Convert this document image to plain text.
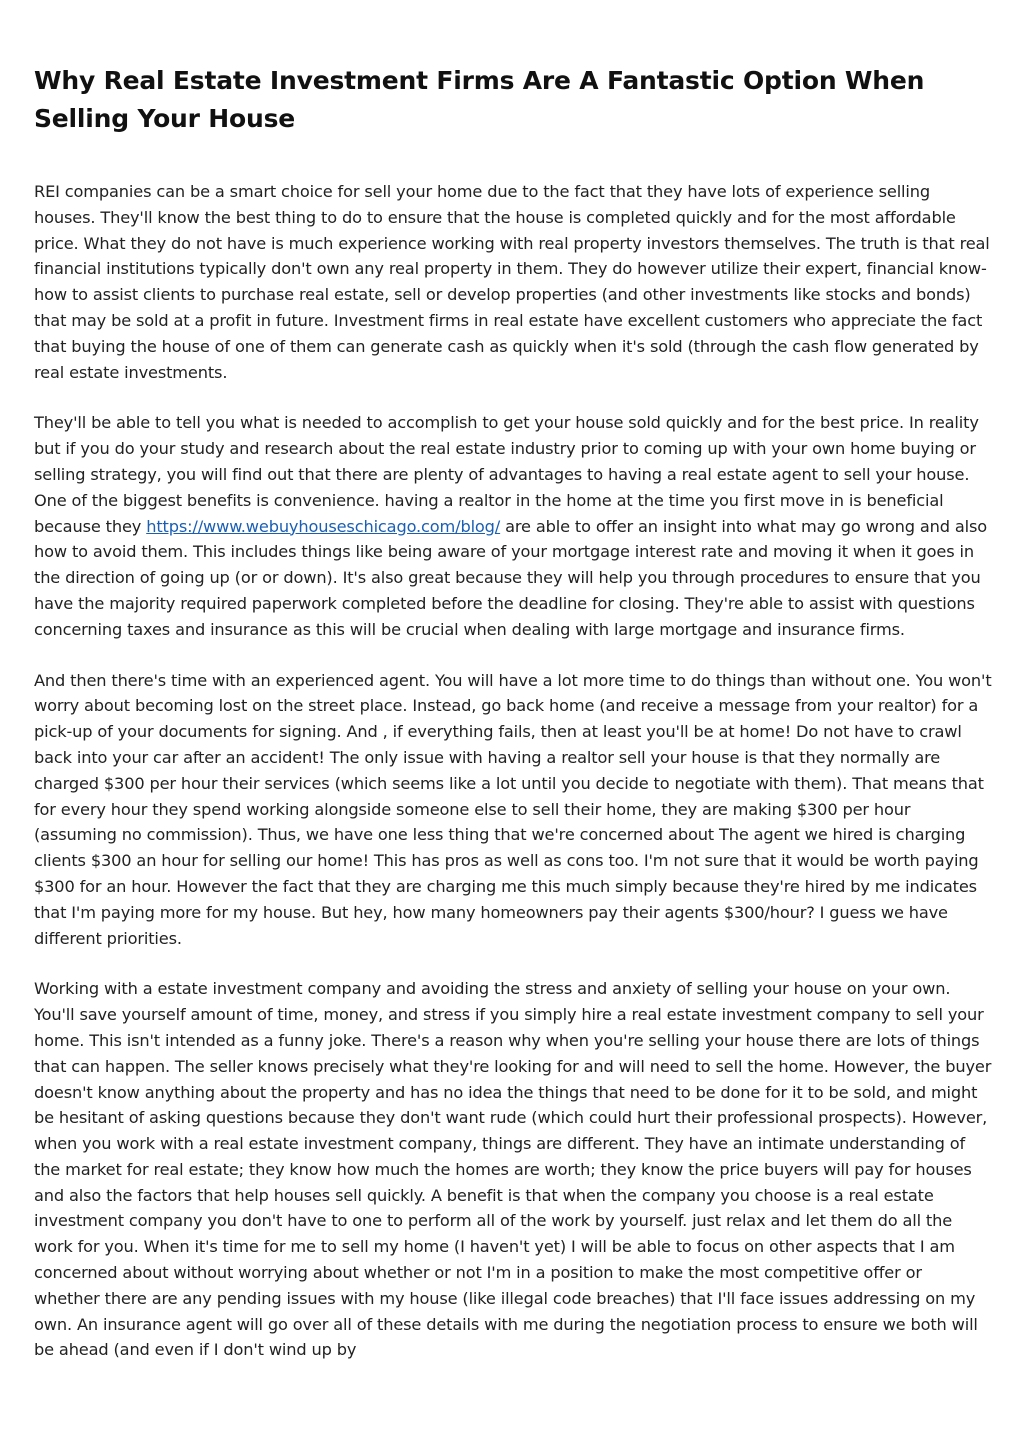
Why Real Estate Investment Firms Are A Fantastic Option When Selling Your House

REI companies can be a smart choice for sell your home due to the fact that they have lots of experience selling houses. They'll know the best thing to do to ensure that the house is completed quickly and for the most affordable price. What they do not have is much experience working with real property investors themselves. The truth is that real financial institutions typically don't own any real property in them. They do however utilize their expert, financial know-how to assist clients to purchase real estate, sell or develop properties (and other investments like stocks and bonds) that may be sold at a profit in future. Investment firms in real estate have excellent customers who appreciate the fact that buying the house of one of them can generate cash as quickly when it's sold (through the cash flow generated by real estate investments.

They'll be able to tell you what is needed to accomplish to get your house sold quickly and for the best price. In reality but if you do your study and research about the real estate industry prior to coming up with your own home buying or selling strategy, you will find out that there are plenty of advantages to having a real estate agent to sell your house. One of the biggest benefits is convenience. having a realtor in the home at the time you first move in is beneficial because they https://www.webuyhouseschicago.com/blog/ are able to offer an insight into what may go wrong and also how to avoid them. This includes things like being aware of your mortgage interest rate and moving it when it goes in the direction of going up (or or down). It's also great because they will help you through procedures to ensure that you have the majority required paperwork completed before the deadline for closing. They're able to assist with questions concerning taxes and insurance as this will be crucial when dealing with large mortgage and insurance firms.

And then there's time with an experienced agent. You will have a lot more time to do things than without one. You won't worry about becoming lost on the street place. Instead, go back home (and receive a message from your realtor) for a pick-up of your documents for signing. And , if everything fails, then at least you'll be at home! Do not have to crawl back into your car after an accident! The only issue with having a realtor sell your house is that they normally are charged $300 per hour their services (which seems like a lot until you decide to negotiate with them). That means that for every hour they spend working alongside someone else to sell their home, they are making $300 per hour (assuming no commission). Thus, we have one less thing that we're concerned about The agent we hired is charging clients $300 an hour for selling our home! This has pros as well as cons too. I'm not sure that it would be worth paying $300 for an hour. However the fact that they are charging me this much simply because they're hired by me indicates that I'm paying more for my house. But hey, how many homeowners pay their agents $300/hour? I guess we have different priorities.

Working with a estate investment company and avoiding the stress and anxiety of selling your house on your own. You'll save yourself amount of time, money, and stress if you simply hire a real estate investment company to sell your home. This isn't intended as a funny joke. There's a reason why when you're selling your house there are lots of things that can happen. The seller knows precisely what they're looking for and will need to sell the home. However, the buyer doesn't know anything about the property and has no idea the things that need to be done for it to be sold, and might be hesitant of asking questions because they don't want rude (which could hurt their professional prospects). However, when you work with a real estate investment company, things are different. They have an intimate understanding of the market for real estate; they know how much the homes are worth; they know the price buyers will pay for houses and also the factors that help houses sell quickly. A benefit is that when the company you choose is a real estate investment company you don't have to one to perform all of the work by yourself. just relax and let them do all the work for you. When it's time for me to sell my home (I haven't yet) I will be able to focus on other aspects that I am concerned about without worrying about whether or not I'm in a position to make the most competitive offer or whether there are any pending issues with my house (like illegal code breaches) that I'll face issues addressing on my own. An insurance agent will go over all of these details with me during the negotiation process to ensure we both will be ahead (and even if I don't wind up by
